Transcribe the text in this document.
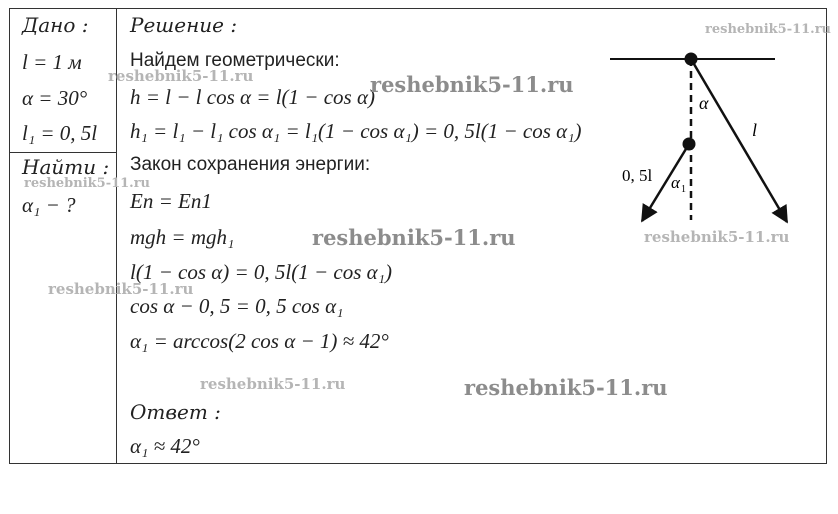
Дано :
l = 1 м
α = 30°
l₁ = 0, 5l
Найти :
α₁ − ?
Решение :
Найдем геометрически:
h = l − l cos α = l(1 − cos α)
h₁ = l₁ − l₁ cos α₁ = l₁(1 − cos α₁) = 0, 5l(1 − cos α₁)
Закон сохранения энергии:
Eп = Eп1
mgh = mgh₁
l(1 − cos α) = 0, 5l(1 − cos α₁)
cos α − 0, 5 = 0, 5 cos α₁
α₁ = arccos(2 cos α − 1) ≈ 42°
Ответ :
α₁ ≈ 42°
α
l
0, 5l α 1
reshebnik5-11.ru
reshebnik5-11.ru	reshebnik5-11.ru
reshebnik5-11.ru
reshebnik5-11.ru	reshebnik5-11.ru
reshebnik5-11.ru
reshebnik5-11.ru	reshebnik5-11.ru
